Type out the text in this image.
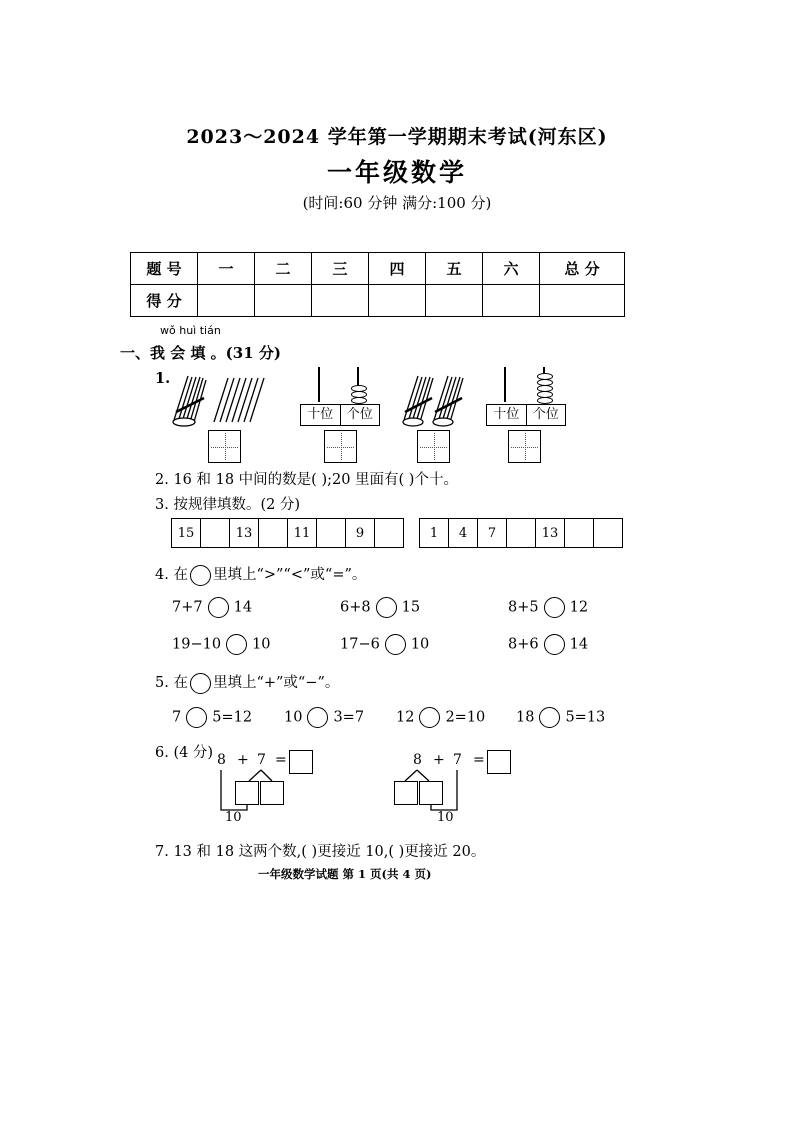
2023～2024 学年第一学期期末考试(河东区)
一年级数学
(时间:60 分钟 满分:100 分)
题 号	一	二	三	四	五	六	总 分
得 分							
wǒ huì tián
一、我 会 填 。(31 分)
1.
十位	个位	十位	个位
2. 16 和 18 中间的数是( );20 里面有( )个十。
3. 按规律填数。(2 分)
15		13		11		9		1	4	7		13		
4. 在 里填上“>”“<”或“=”。
7+7 14	6+8 15	8+5 12
19−10 10	17−6 10	8+6 14
5. 在 里填上“+”或“−”。
7 5=12 10 3=7 12 2=10 18 5=13
6. (4 分) 8 + 7 =
10
8 + 7 =
10
7. 13 和 18 这两个数,( )更接近 10,( )更接近 20。
一年级数学试题 第 1 页(共 4 页)
